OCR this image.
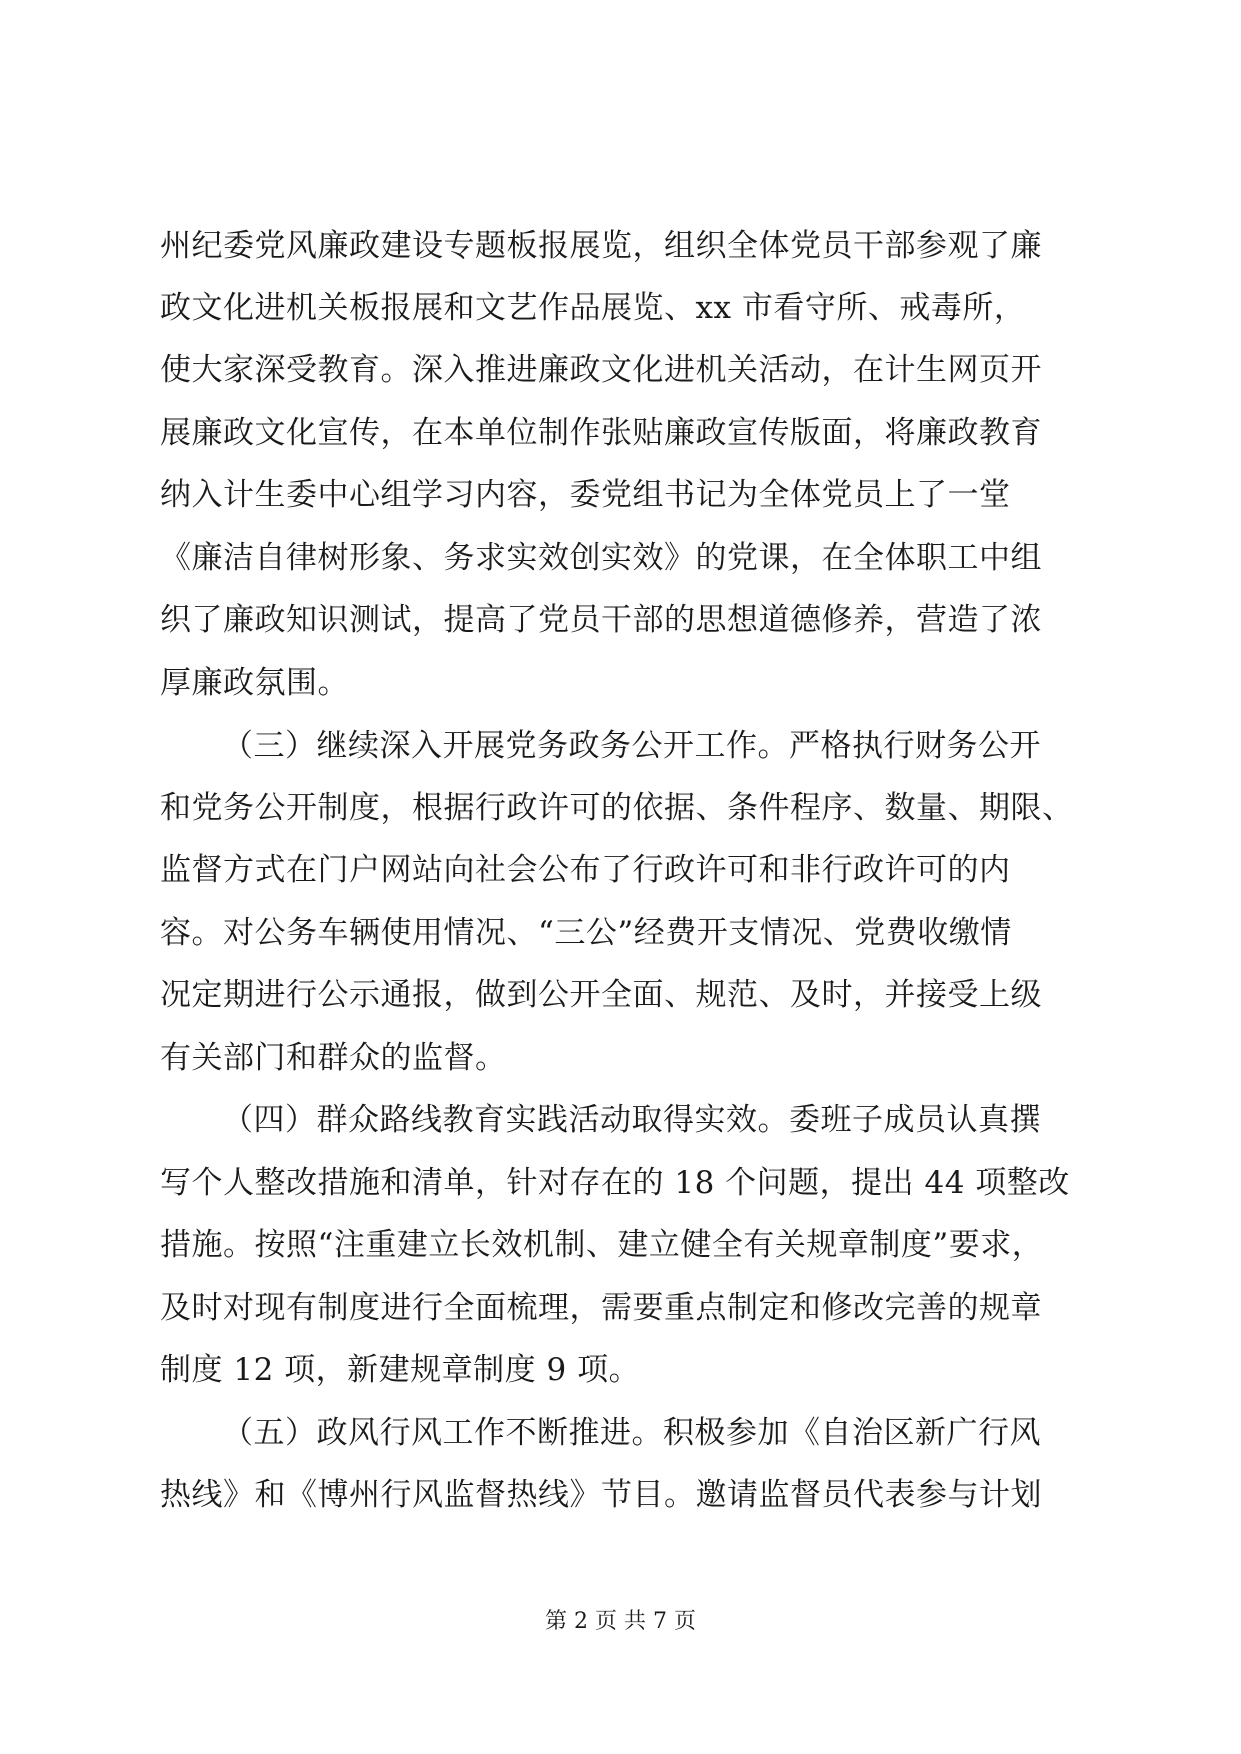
州纪委党风廉政建设专题板报展览，组织全体党员干部参观了廉
政文化进机关板报展和文艺作品展览、xx 市看守所、戒毒所，
使大家深受教育。深入推进廉政文化进机关活动，在计生网页开
展廉政文化宣传，在本单位制作张贴廉政宣传版面，将廉政教育
纳入计生委中心组学习内容，委党组书记为全体党员上了一堂
《廉洁自律树形象、务求实效创实效》的党课，在全体职工中组
织了廉政知识测试，提高了党员干部的思想道德修养，营造了浓
厚廉政氛围。
（三）继续深入开展党务政务公开工作。严格执行财务公开
和党务公开制度，根据行政许可的依据、条件程序、数量、期限、
监督方式在门户网站向社会公布了行政许可和非行政许可的内
容。对公务车辆使用情况、“三公”经费开支情况、党费收缴情
况定期进行公示通报，做到公开全面、规范、及时，并接受上级
有关部门和群众的监督。
（四）群众路线教育实践活动取得实效。委班子成员认真撰
写个人整改措施和清单，针对存在的 18 个问题，提出 44 项整改
措施。按照“注重建立长效机制、建立健全有关规章制度”要求，
及时对现有制度进行全面梳理，需要重点制定和修改完善的规章
制度 12 项，新建规章制度 9 项。
（五）政风行风工作不断推进。积极参加《自治区新广行风
热线》和《博州行风监督热线》节目。邀请监督员代表参与计划
第 2 页 共 7 页
